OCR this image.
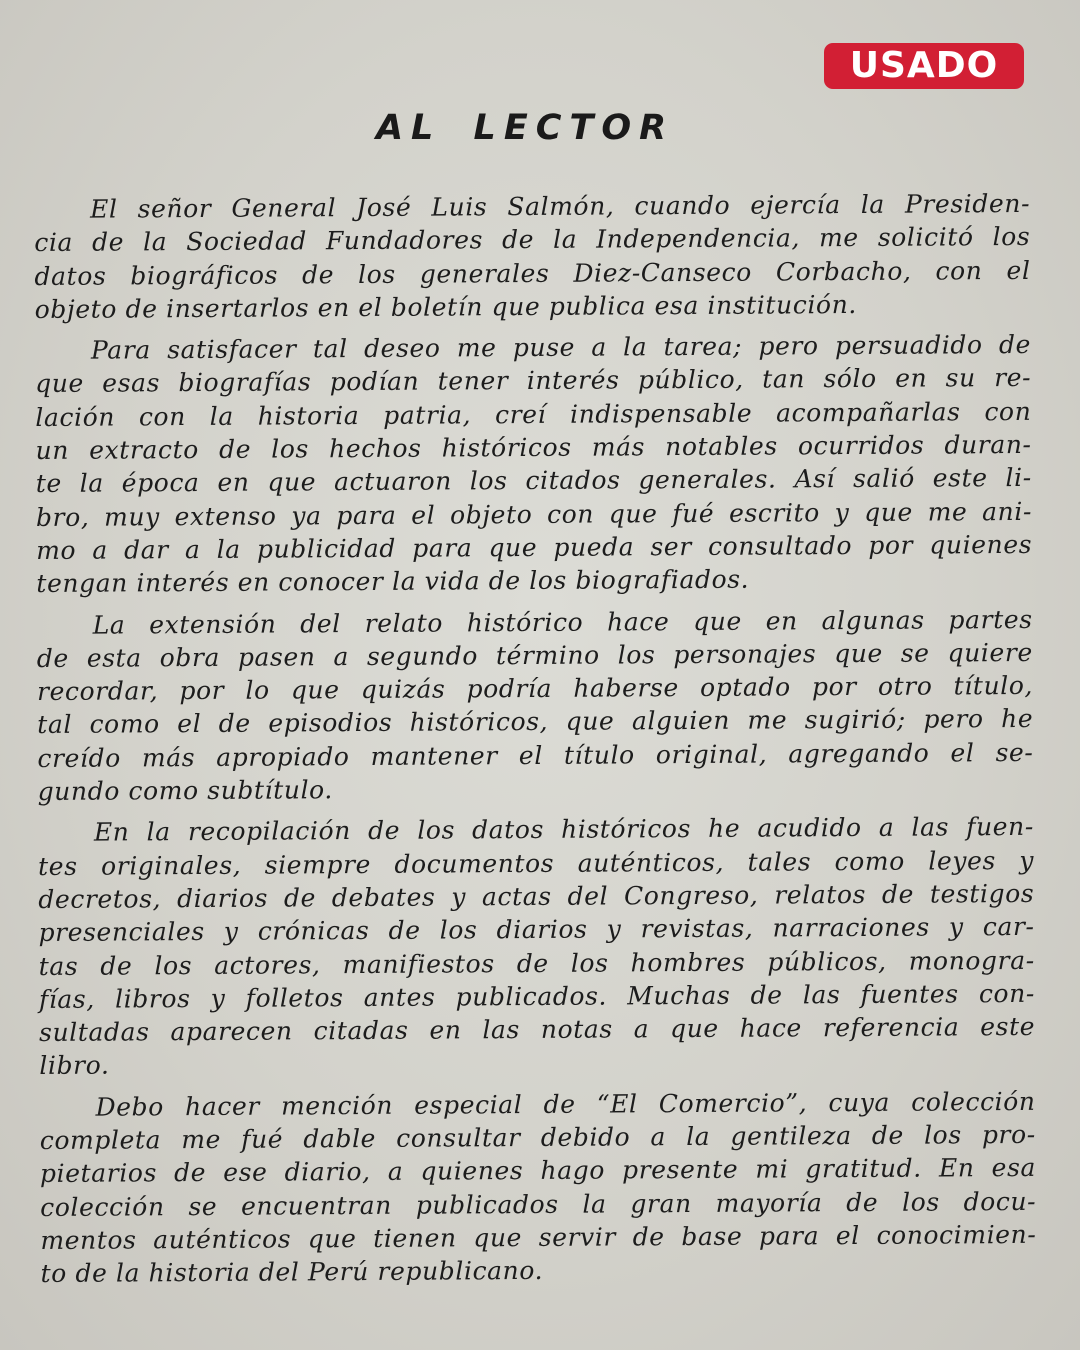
USADO
AL LECTOR

El señor General José Luis Salmón, cuando ejercía la Presiden-
cia de la Sociedad Fundadores de la Independencia, me solicitó los
datos biográficos de los generales Diez-Canseco Corbacho, con el
objeto de insertarlos en el boletín que publica esa institución.

Para satisfacer tal deseo me puse a la tarea; pero persuadido de
que esas biografías podían tener interés público, tan sólo en su re-
lación con la historia patria, creí indispensable acompañarlas con
un extracto de los hechos históricos más notables ocurridos duran-
te la época en que actuaron los citados generales. Así salió este li-
bro, muy extenso ya para el objeto con que fué escrito y que me ani-
mo a dar a la publicidad para que pueda ser consultado por quienes
tengan interés en conocer la vida de los biografiados.

La extensión del relato histórico hace que en algunas partes
de esta obra pasen a segundo término los personajes que se quiere
recordar, por lo que quizás podría haberse optado por otro título,
tal como el de episodios históricos, que alguien me sugirió; pero he
creído más apropiado mantener el título original, agregando el se-
gundo como subtítulo.

En la recopilación de los datos históricos he acudido a las fuen-
tes originales, siempre documentos auténticos, tales como leyes y
decretos, diarios de debates y actas del Congreso, relatos de testigos
presenciales y crónicas de los diarios y revistas, narraciones y car-
tas de los actores, manifiestos de los hombres públicos, monogra-
fías, libros y folletos antes publicados. Muchas de las fuentes con-
sultadas aparecen citadas en las notas a que hace referencia este
libro.

Debo hacer mención especial de “El Comercio”, cuya colección
completa me fué dable consultar debido a la gentileza de los pro-
pietarios de ese diario, a quienes hago presente mi gratitud. En esa
colección se encuentran publicados la gran mayoría de los docu-
mentos auténticos que tienen que servir de base para el conocimien-
to de la historia del Perú republicano.
